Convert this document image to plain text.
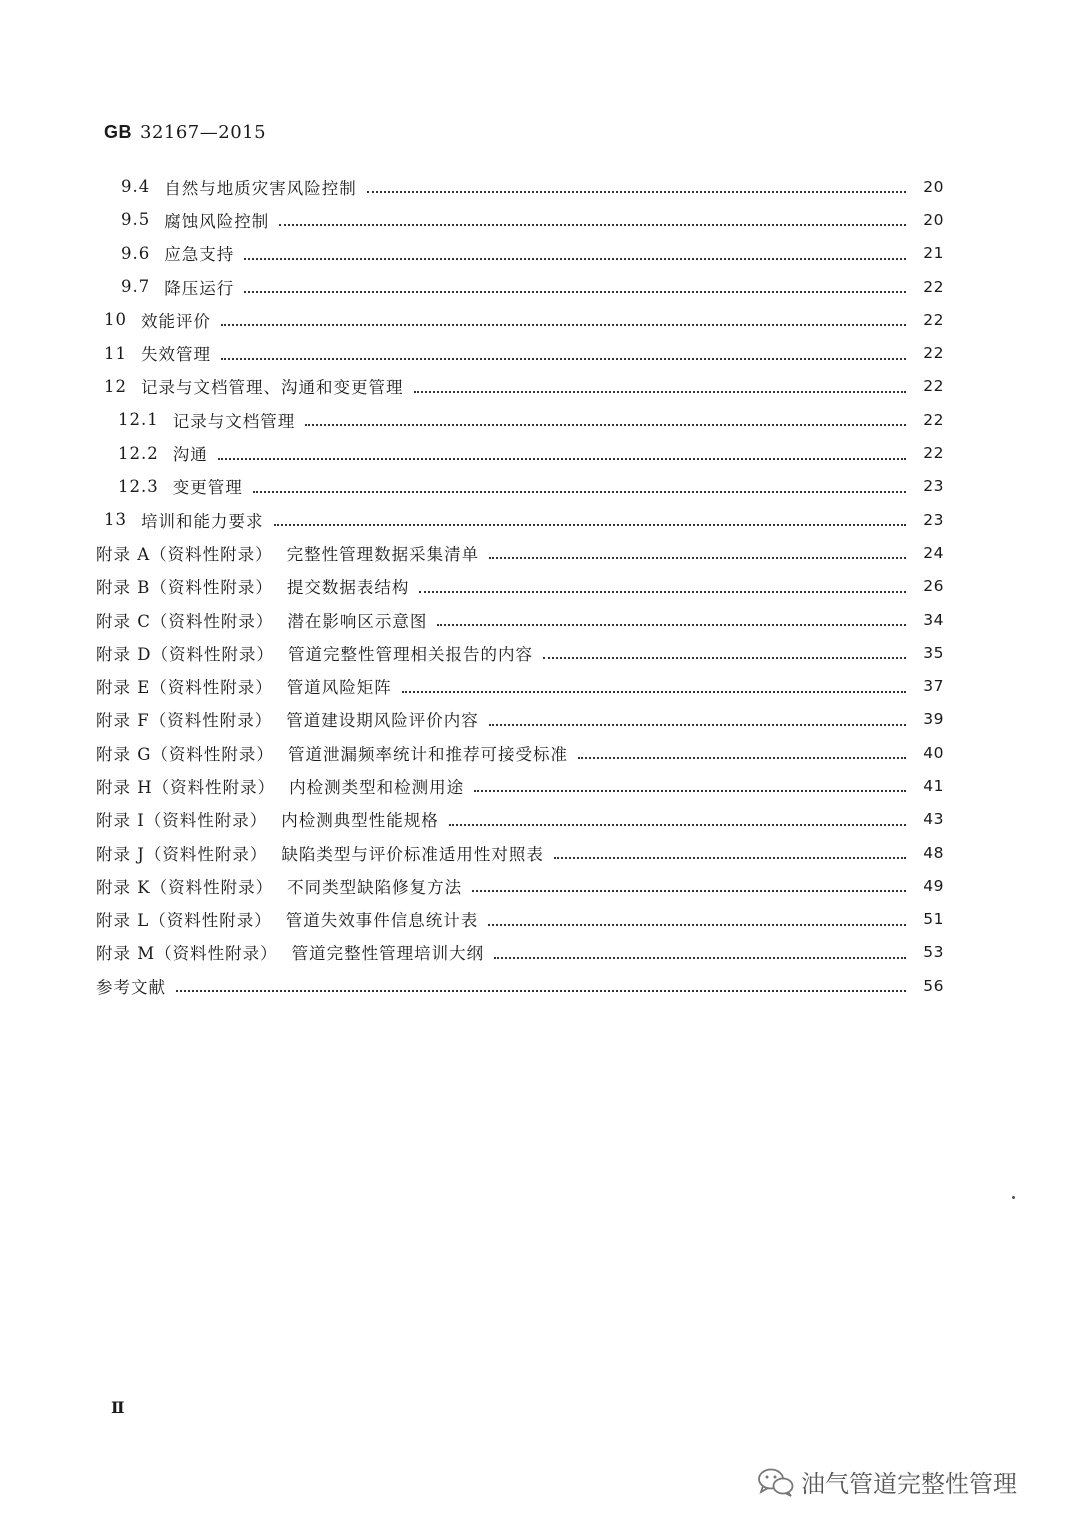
GB 32167—2015
9.4 自然与地质灾害风险控制	20
9.5 腐蚀风险控制	20
9.6 应急支持	21
9.7 降压运行	22
10 效能评价	22
11 失效管理	22
12 记录与文档管理、沟通和变更管理	22
12.1 记录与文档管理	22
12.2 沟通	22
12.3 变更管理	23
13 培训和能力要求	23
附录 A（资料性附录） 完整性管理数据采集清单	24
附录 B（资料性附录） 提交数据表结构	26
附录 C（资料性附录） 潜在影响区示意图	34
附录 D（资料性附录） 管道完整性管理相关报告的内容	35
附录 E（资料性附录） 管道风险矩阵	37
附录 F（资料性附录） 管道建设期风险评价内容	39
附录 G（资料性附录） 管道泄漏频率统计和推荐可接受标准	40
附录 H（资料性附录） 内检测类型和检测用途	41
附录 I（资料性附录） 内检测典型性能规格	43
附录 J（资料性附录） 缺陷类型与评价标准适用性对照表	48
附录 K（资料性附录） 不同类型缺陷修复方法	49
附录 L（资料性附录） 管道失效事件信息统计表	51
附录 M（资料性附录） 管道完整性管理培训大纲	53
参考文献	56
Ⅱ
油气管道完整性管理
